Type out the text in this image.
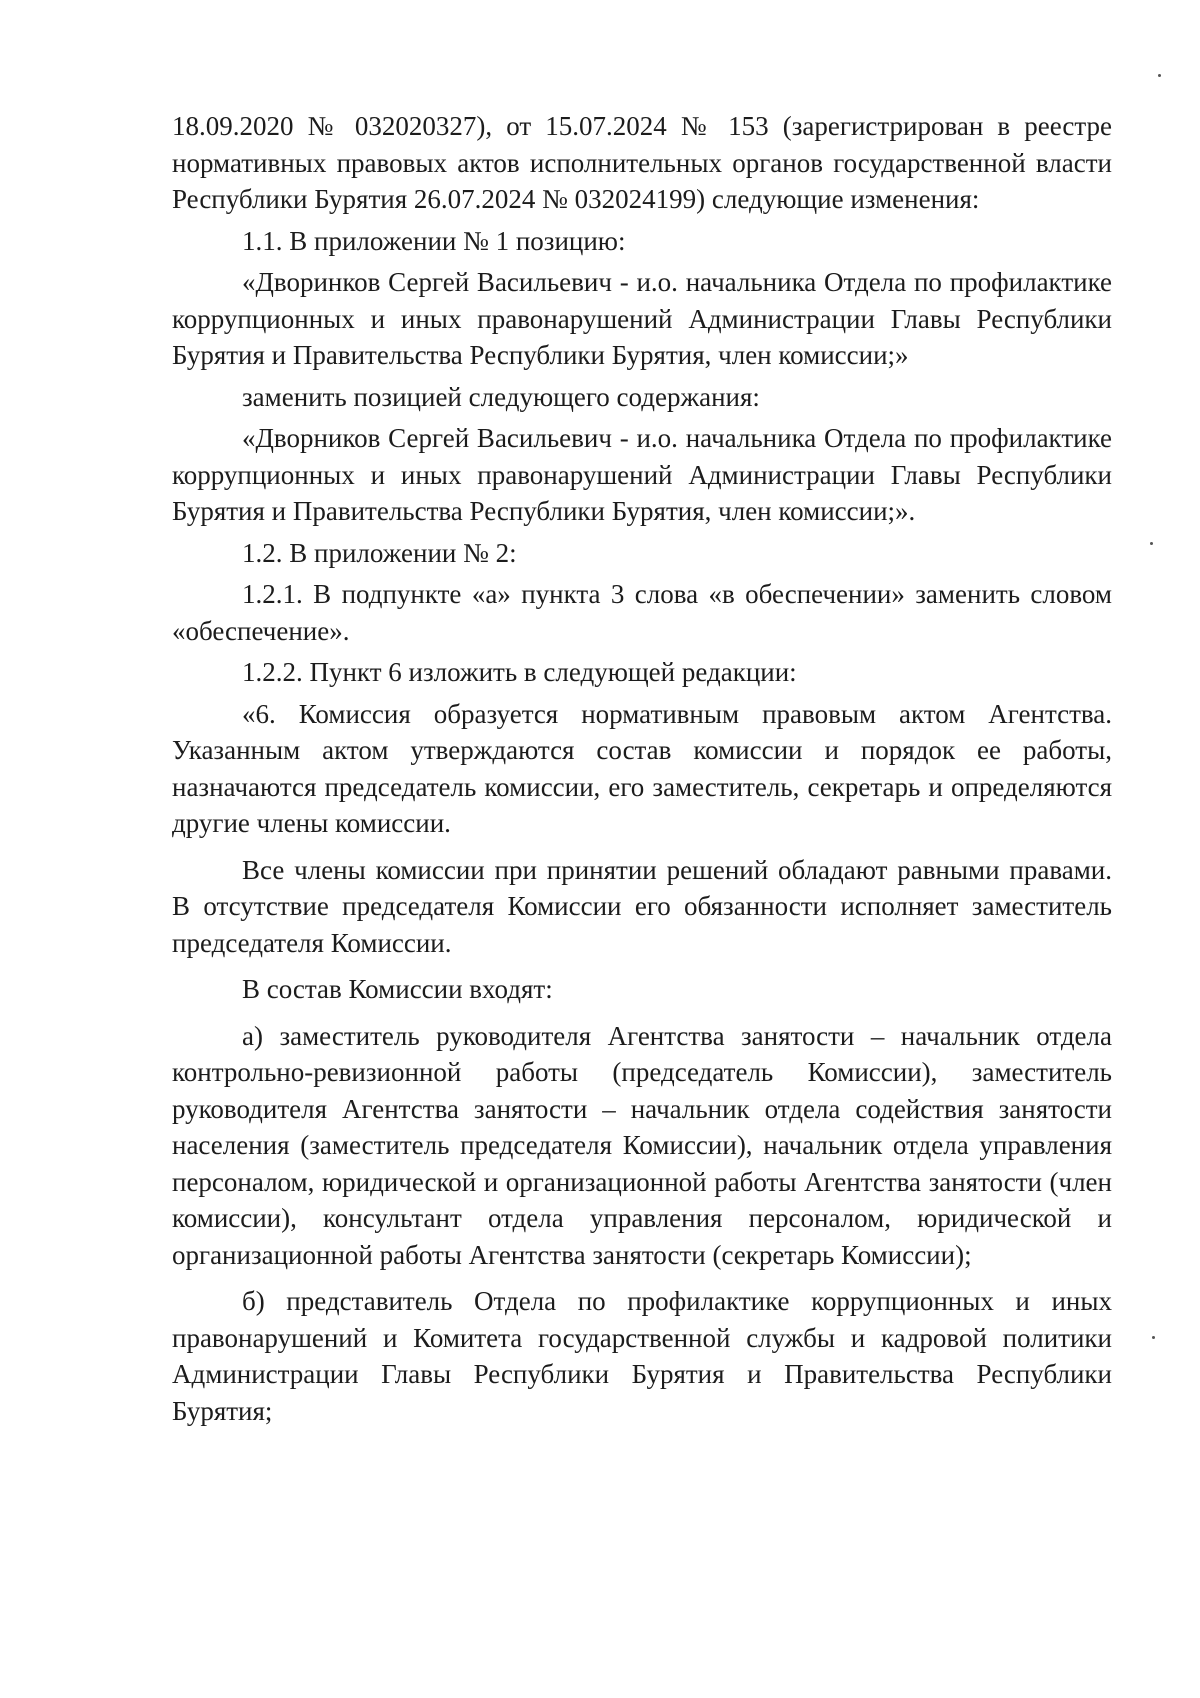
18.09.2020 № 032020327), от 15.07.2024 № 153 (зарегистрирован в реестре нормативных правовых актов исполнительных органов государственной власти Республики Бурятия 26.07.2024 № 032024199) следующие изменения:

1.1. В приложении № 1 позицию:

«Дворинков Сергей Васильевич - и.о. начальника Отдела по профилактике коррупционных и иных правонарушений Администрации Главы Республики Бурятия и Правительства Республики Бурятия, член комиссии;»

заменить позицией следующего содержания:

«Дворников Сергей Васильевич - и.о. начальника Отдела по профилактике коррупционных и иных правонарушений Администрации Главы Республики Бурятия и Правительства Республики Бурятия, член комиссии;».

1.2. В приложении № 2:

1.2.1. В подпункте «а» пункта 3 слова «в обеспечении» заменить словом «обеспечение».

1.2.2. Пункт 6 изложить в следующей редакции:

«6. Комиссия образуется нормативным правовым актом Агентства. Указанным актом утверждаются состав комиссии и порядок ее работы, назначаются председатель комиссии, его заместитель, секретарь и определяются другие члены комиссии.

Все члены комиссии при принятии решений обладают равными правами. В отсутствие председателя Комиссии его обязанности исполняет заместитель председателя Комиссии.

В состав Комиссии входят:

а) заместитель руководителя Агентства занятости – начальник отдела контрольно-ревизионной работы (председатель Комиссии), заместитель руководителя Агентства занятости – начальник отдела содействия занятости населения (заместитель председателя Комиссии), начальник отдела управления персоналом, юридической и организационной работы Агентства занятости (член комиссии), консультант отдела управления персоналом, юридической и организационной работы Агентства занятости (секретарь Комиссии);

б) представитель Отдела по профилактике коррупционных и иных правонарушений и Комитета государственной службы и кадровой политики Администрации Главы Республики Бурятия и Правительства Республики Бурятия;
